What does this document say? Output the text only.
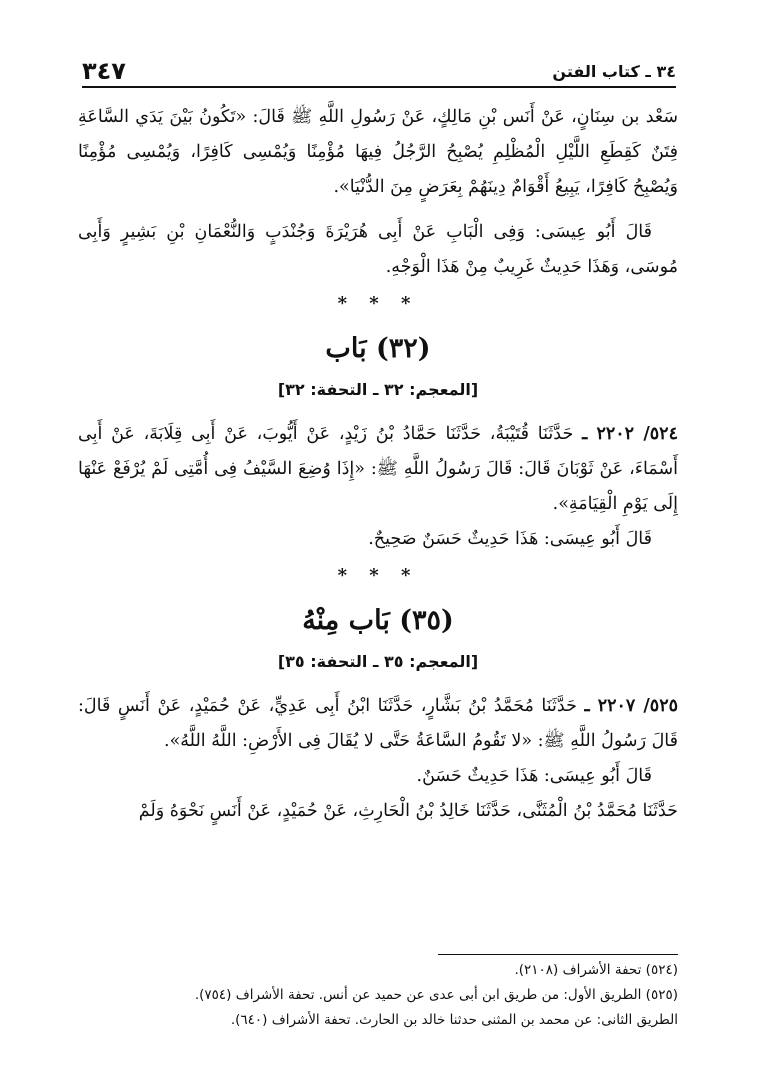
٣٤ ـ كتاب الفتن
٣٤٧

سَعْد بن سِنَانٍ، عَنْ أَنَس بْنِ مَالِكٍ، عَنْ رَسُولِ اللَّهِ ﷺ قَالَ: «تَكُونُ بَيْنَ يَدَي السَّاعَةِ فِتَنٌ كَقِطَعِ اللَّيْلِ الْمُظْلِمِ يُصْبِحُ الرَّجُلُ فِيهَا مُؤْمِنًا وَيُمْسِى كَافِرًا، وَيُمْسِى مُؤْمِنًا وَيُصْبِحُ كَافِرًا، يَبِيعُ أَقْوَامٌ دِينَهُمْ بِعَرَضٍ مِنَ الدُّنْيَا».

قَالَ أَبُو عِيسَى: وَفِى الْبَابِ عَنْ أَبِى هُرَيْرَةَ وَجُنْدَبٍ وَالنُّعْمَانِ بْنِ بَشِيرٍ وَأَبِى مُوسَى، وَهَذَا حَدِيثٌ غَرِيبٌ مِنْ هَذَا الْوَجْهِ.

* * *
(٣٢) بَاب
[المعجم: ٣٢ ـ التحفة: ٣٢]

٥٢٤/ ٢٢٠٢ ـ حَدَّثَنَا قُتَيْبَةُ، حَدَّثَنَا حَمَّادُ بْنُ زَيْدٍ، عَنْ أَيُّوبَ، عَنْ أَبِى قِلَابَةَ، عَنْ أَبِى أَسْمَاءَ، عَنْ ثَوْبَانَ قَالَ: قَالَ رَسُولُ اللَّهِ ﷺ: «إِذَا وُضِعَ السَّيْفُ فِى أُمَّتِى لَمْ يُرْفَعْ عَنْهَا إِلَى يَوْمِ الْقِيَامَةِ».

قَالَ أَبُو عِيسَى: هَذَا حَدِيثٌ حَسَنٌ صَحِيحٌ.

* * *
(٣٥) بَاب مِنْهُ
[المعجم: ٣٥ ـ التحفة: ٣٥]

٥٢٥/ ٢٢٠٧ ـ حَدَّثَنَا مُحَمَّدُ بْنُ بَشَّارٍ، حَدَّثَنَا ابْنُ أَبِى عَدِيٍّ، عَنْ حُمَيْدٍ، عَنْ أَنَسٍ قَالَ: قَالَ رَسُولُ اللَّهِ ﷺ: «لا تَقُومُ السَّاعَةُ حَتَّى لا يُقَالَ فِى الأَرْضِ: اللَّهُ اللَّهُ».

قَالَ أَبُو عِيسَى: هَذَا حَدِيثٌ حَسَنٌ.

حَدَّثَنَا مُحَمَّدُ بْنُ الْمُثَنَّى، حَدَّثَنَا خَالِدُ بْنُ الْحَارِثِ، عَنْ حُمَيْدٍ، عَنْ أَنَسٍ نَحْوَهُ وَلَمْ

(٥٢٤) تحفة الأشراف (٢١٠٨).

(٥٢٥) الطريق الأول: من طريق ابن أبى عدى عن حميد عن أنس. تحفة الأشراف (٧٥٤).

الطريق الثانى: عن محمد بن المثنى حدثنا خالد بن الحارث. تحفة الأشراف (٦٤٠).
